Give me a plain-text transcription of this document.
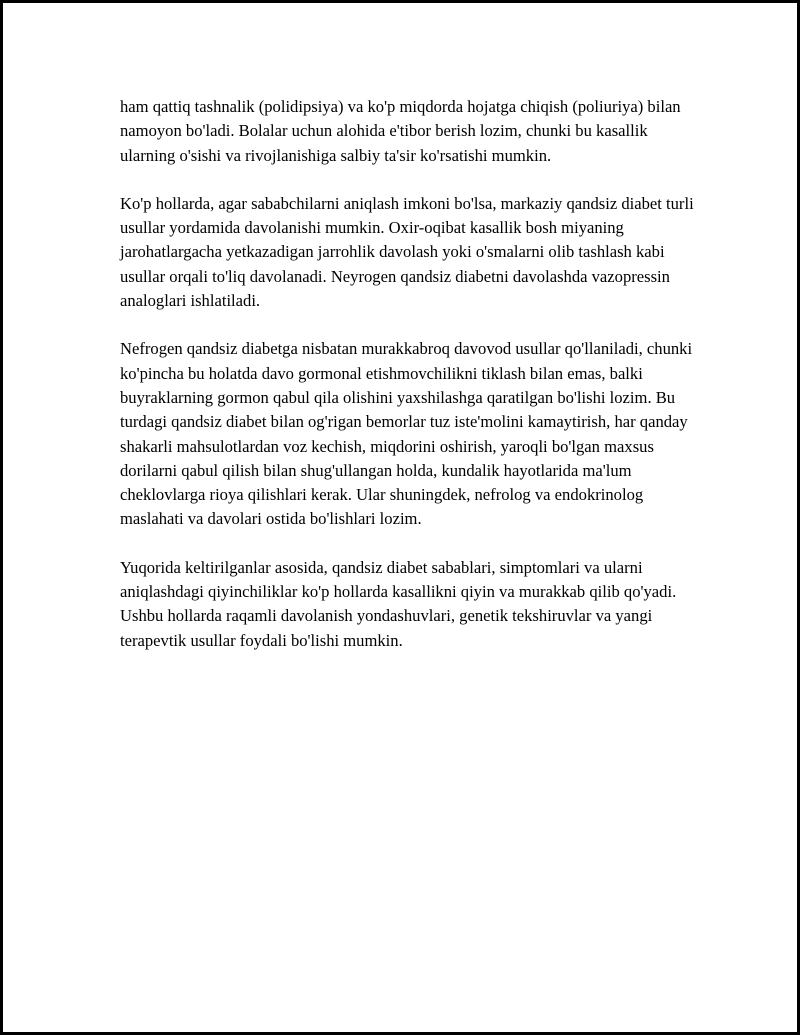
ham qattiq tashnalik (polidipsiya) va ko'p miqdorda hojatga chiqish (poliuriya) bilan namoyon bo'ladi. Bolalar uchun alohida e'tibor berish lozim, chunki bu kasallik ularning o'sishi va rivojlanishiga salbiy ta'sir ko'rsatishi mumkin.

Ko'p hollarda, agar sababchilarni aniqlash imkoni bo'lsa, markaziy qandsiz diabet turli usullar yordamida davolanishi mumkin. Oxir-oqibat kasallik bosh miyaning jarohatlargacha yetkazadigan jarrohlik davolash yoki o'smalarni olib tashlash kabi usullar orqali to'liq davolanadi. Neyrogen qandsiz diabetni davolashda vazopressin analoglari ishlatiladi.

Nefrogen qandsiz diabetga nisbatan murakkabroq davovod usullar qo'llaniladi, chunki ko'pincha bu holatda davo gormonal etishmovchilikni tiklash bilan emas, balki buyraklarning gormon qabul qila olishini yaxshilashga qaratilgan bo'lishi lozim. Bu turdagi qandsiz diabet bilan og'rigan bemorlar tuz iste'molini kamaytirish, har qanday shakarli mahsulotlardan voz kechish, miqdorini oshirish, yaroqli bo'lgan maxsus dorilarni qabul qilish bilan shug'ullangan holda, kundalik hayotlarida ma'lum cheklovlarga rioya qilishlari kerak. Ular shuningdek, nefrolog va endokrinolog maslahati va davolari ostida bo'lishlari lozim.

Yuqorida keltirilganlar asosida, qandsiz diabet sabablari, simptomlari va ularni aniqlashdagi qiyinchiliklar ko'p hollarda kasallikni qiyin va murakkab qilib qo'yadi. Ushbu hollarda raqamli davolanish yondashuvlari, genetik tekshiruvlar va yangi terapevtik usullar foydali bo'lishi mumkin.
